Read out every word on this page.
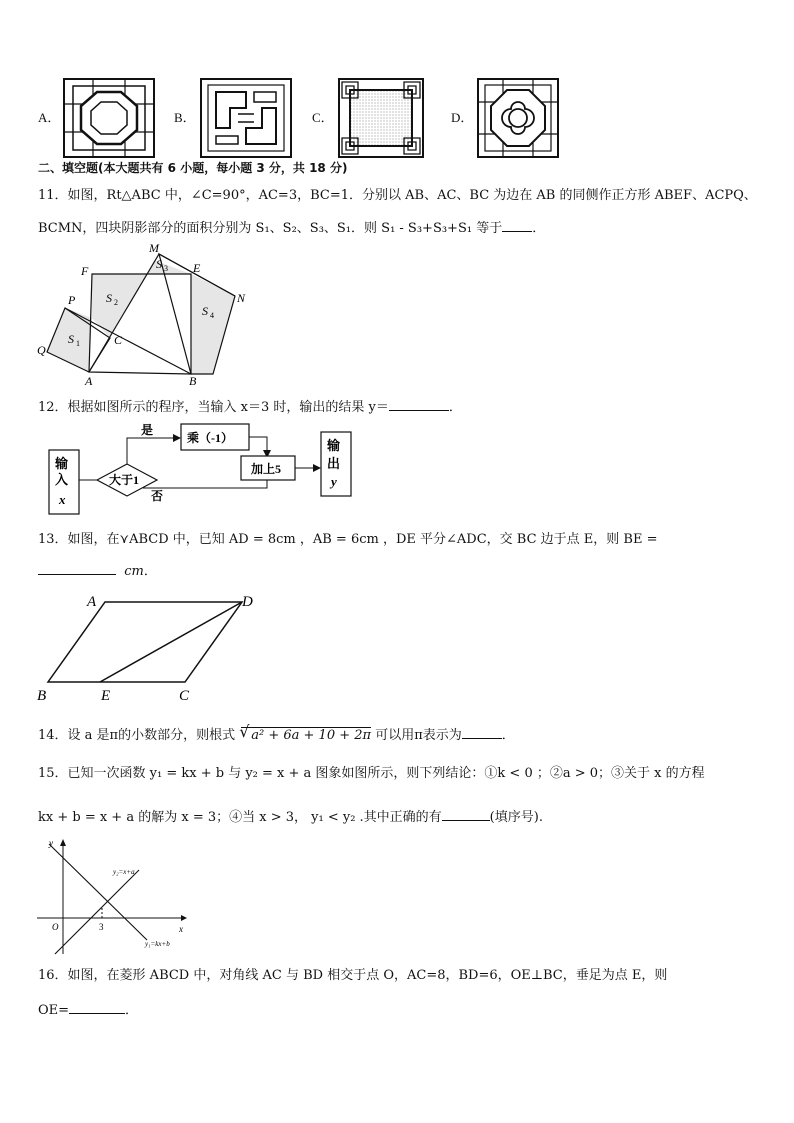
A．	B．	C．	D．
二、填空题(本大题共有 6 小题，每小题 3 分，共 18 分)
11．如图，Rt△ABC 中，∠C=90°，AC=3，BC=1．分别以 AB、AC、BC 为边在 AB 的同侧作正方形 ABEF、ACPQ、
BCMN，四块阴影部分的面积分别为 S₁、S₂、S₃、S₁．则 S₁ - S₃+S₃+S₁ 等于 ．
M
F	E
N
P
Q
C
A	B
S 1
S 2
S 3
S 4
12．根据如图所示的程序，当输入 x＝3 时，输出的结果 y＝	．
输
入
x
大于1
是
乘（-1）
否
加上5
输
出
y
13．如图，在⋎ABCD 中，已知 AD = 8cm ，AB = 6cm ，DE 平分∠ADC，交 BC 边于点 E，则 BE =
cm．
A	D
B	E	C
14．设 a 是π的小数部分，则根式 √ a² + 6a + 10 + 2π 可以用π表示为	．
15．已知一次函数 y₁ = kx + b 与 y₂ = x + a 图象如图所示，则下列结论：①k < 0 ；②a > 0；③关于 x 的方程
kx + b = x + a 的解为 x = 3；④当 x > 3， y₁ < y₂ .其中正确的有	(填序号).
y
x
O	3
y₂=x+a
y₁=kx+b
16．如图，在菱形 ABCD 中，对角线 AC 与 BD 相交于点 O，AC=8，BD=6，OE⊥BC，垂足为点 E，则
OE=	．
